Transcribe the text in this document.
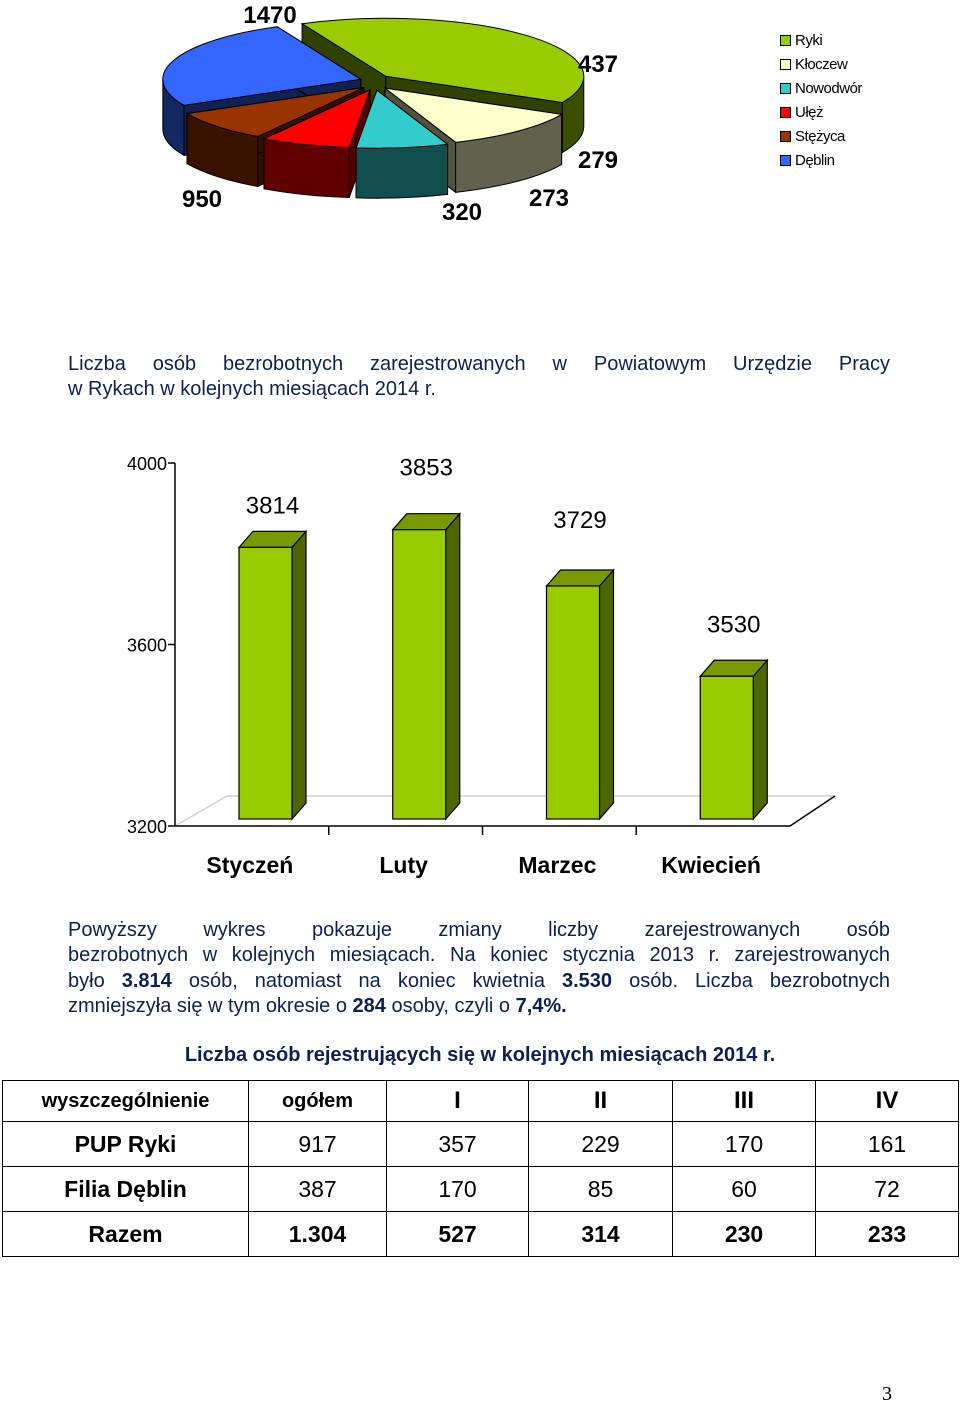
1470
437
279
273
320
950
Ryki
Kłoczew
Nowodwór
Ułęż
Stężyca
Dęblin

Liczba osób bezrobotnych zarejestrowanych w Powiatowym Urzędzie Pracy

w Rykach w kolejnych miesiącach 2014 r.

3200
3600
4000
3814
Styczeń
3853
Luty
3729
Marzec
3530
Kwiecień

Powyższy wykres pokazuje zmiany liczby zarejestrowanych osób

bezrobotnych w kolejnych miesiącach. Na koniec stycznia 2013 r. zarejestrowanych

było 3.814 osób, natomiast na koniec kwietnia 3.530 osób. Liczba bezrobotnych

zmniejszyła się w tym okresie o 284 osoby, czyli o 7,4%.

Liczba osób rejestrujących się w kolejnych miesiącach 2014 r.
wyszczególnienie	ogółem	I	II	III	IV
PUP Ryki	917	357	229	170	161
Filia Dęblin	387	170	85	60	72
Razem	1.304	527	314	230	233
3
